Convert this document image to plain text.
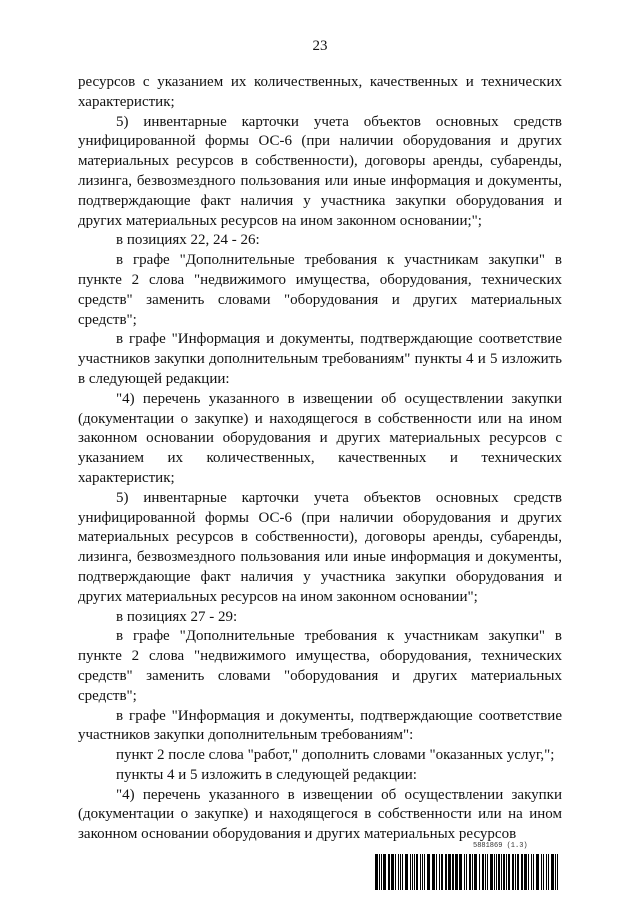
23

ресурсов с указанием их количественных, качественных и технических характеристик;

5) инвентарные карточки учета объектов основных средств унифицированной формы ОС-6 (при наличии оборудования и других материальных ресурсов в собственности), договоры аренды, субаренды, лизинга, безвозмездного пользования или иные информация и документы, подтверждающие факт наличия у участника закупки оборудования и других материальных ресурсов на ином законном основании;";

в позициях 22, 24 - 26:

в графе "Дополнительные требования к участникам закупки" в пункте 2 слова "недвижимого имущества, оборудования, технических средств" заменить словами "оборудования и других материальных средств";

в графе "Информация и документы, подтверждающие соответствие участников закупки дополнительным требованиям" пункты 4 и 5 изложить в следующей редакции:

"4) перечень указанного в извещении об осуществлении закупки (документации о закупке) и находящегося в собственности или на ином законном основании оборудования и других материальных ресурсов с указанием их количественных, качественных и технических характеристик;

5) инвентарные карточки учета объектов основных средств унифицированной формы ОС-6 (при наличии оборудования и других материальных ресурсов в собственности), договоры аренды, субаренды, лизинга, безвозмездного пользования или иные информация и документы, подтверждающие факт наличия у участника закупки оборудования и других материальных ресурсов на ином законном основании";

в позициях 27 - 29:

в графе "Дополнительные требования к участникам закупки" в пункте 2 слова "недвижимого имущества, оборудования, технических средств" заменить словами "оборудования и других материальных средств";

в графе "Информация и документы, подтверждающие соответствие участников закупки дополнительным требованиям":

пункт 2 после слова "работ," дополнить словами "оказанных услуг,";

пункты 4 и 5 изложить в следующей редакции:

"4) перечень указанного в извещении об осуществлении закупки (документации о закупке) и находящегося в собственности или на ином законном основании оборудования и других материальных ресурсов

5881869 (1.3)
